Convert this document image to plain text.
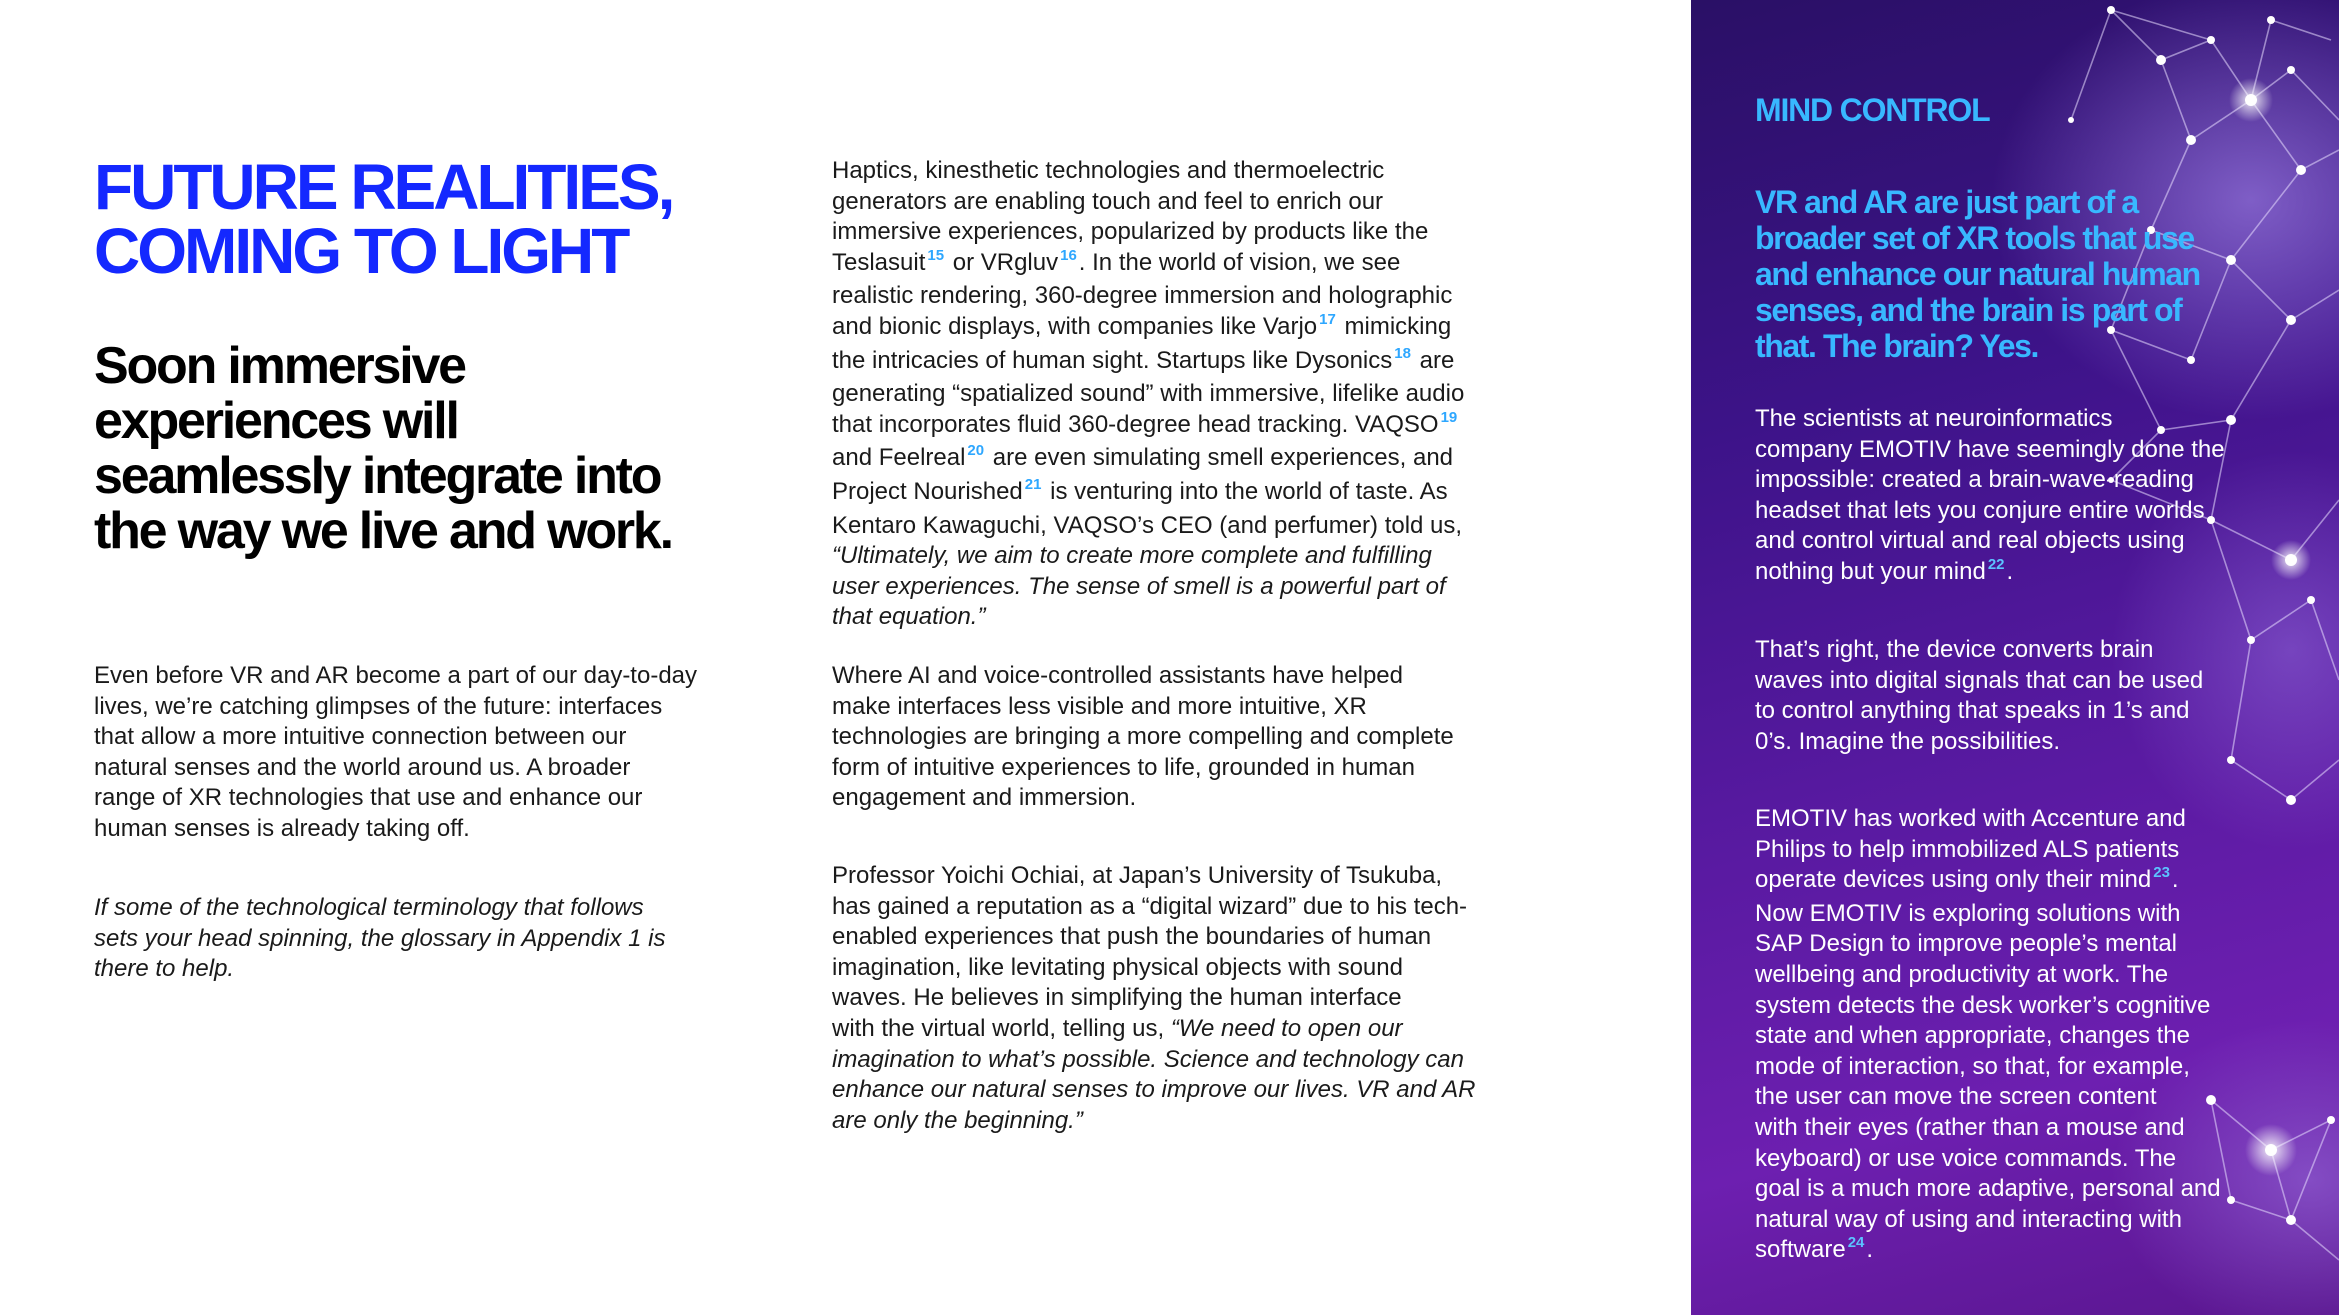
FUTURE REALITIES,
COMING TO LIGHT
Soon immersive
experiences will
seamlessly integrate into
the way we live and work.

Even before VR and AR become a part of our day-to-day
lives, we’re catching glimpses of the future: interfaces
that allow a more intuitive connection between our
natural senses and the world around us. A broader
range of XR technologies that use and enhance our
human senses is already taking off.

If some of the technological terminology that follows
sets your head spinning, the glossary in Appendix 1 is
there to help.

Haptics, kinesthetic technologies and thermoelectric
generators are enabling touch and feel to enrich our
immersive experiences, popularized by products like the
Teslasuit $^{15}$ or VRgluv $^{16}$. In the world of vision, we see
realistic rendering, 360-degree immersion and holographic
and bionic displays, with companies like Varjo $^{17}$ mimicking
the intricacies of human sight. Startups like Dysonics $^{18}$ are
generating “spatialized sound” with immersive, lifelike audio
that incorporates fluid 360-degree head tracking. VAQSO $^{19}$
and Feelreal $^{20}$ are even simulating smell experiences, and
Project Nourished $^{21}$ is venturing into the world of taste. As
Kentaro Kawaguchi, VAQSO’s CEO (and perfumer) told us,
“Ultimately, we aim to create more complete and fulfilling
user experiences. The sense of smell is a powerful part of
that equation.”

Where AI and voice-controlled assistants have helped
make interfaces less visible and more intuitive, XR
technologies are bringing a more compelling and complete
form of intuitive experiences to life, grounded in human
engagement and immersion.

Professor Yoichi Ochiai, at Japan’s University of Tsukuba,
has gained a reputation as a “digital wizard” due to his tech-
enabled experiences that push the boundaries of human
imagination, like levitating physical objects with sound
waves. He believes in simplifying the human interface
with the virtual world, telling us, “We need to open our
imagination to what’s possible. Science and technology can
enhance our natural senses to improve our lives. VR and AR
are only the beginning.”

MIND CONTROL
VR and AR are just part of a
broader set of XR tools that use
and enhance our natural human
senses, and the brain is part of
that. The brain? Yes.

The scientists at neuroinformatics
company EMOTIV have seemingly done the
impossible: created a brain-wave-reading
headset that lets you conjure entire worlds
and control virtual and real objects using
nothing but your mind $^{22}$.

That’s right, the device converts brain
waves into digital signals that can be used
to control anything that speaks in 1’s and
0’s. Imagine the possibilities.

EMOTIV has worked with Accenture and
Philips to help immobilized ALS patients
operate devices using only their mind $^{23}$.
Now EMOTIV is exploring solutions with
SAP Design to improve people’s mental
wellbeing and productivity at work. The
system detects the desk worker’s cognitive
state and when appropriate, changes the
mode of interaction, so that, for example,
the user can move the screen content
with their eyes (rather than a mouse and
keyboard) or use voice commands. The
goal is a much more adaptive, personal and
natural way of using and interacting with
software $^{24}$.
